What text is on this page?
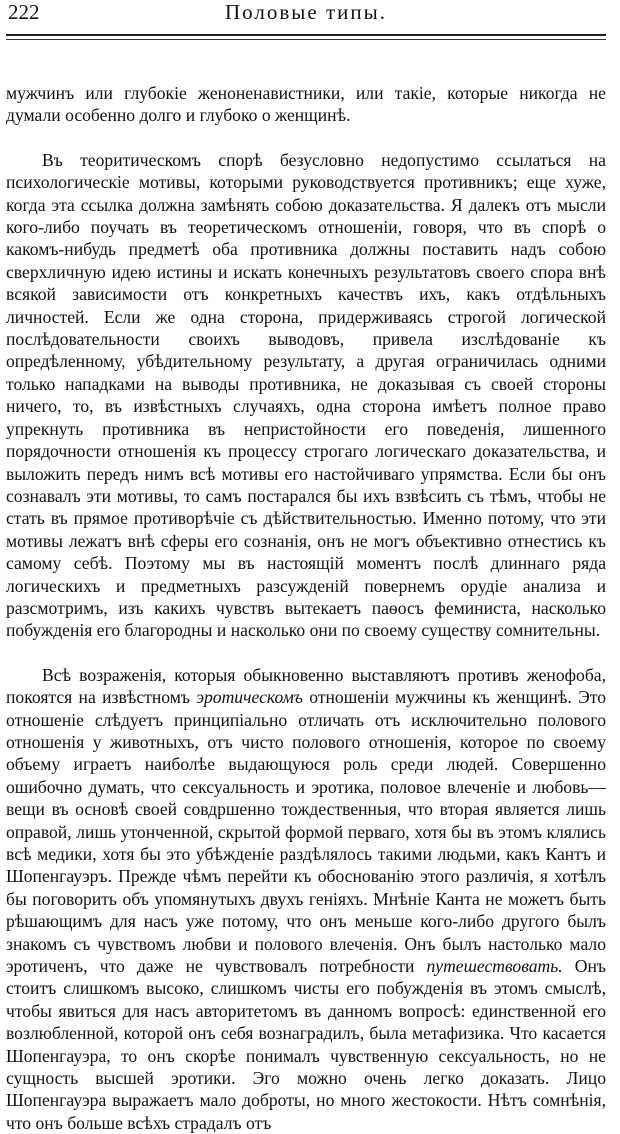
222	Половые типы.

мужчинъ или глубокіе женоненавистники, или такіе, которые никогда не думали особенно долго и глубоко о женщинѣ.

Въ теоритическомъ спорѣ безусловно недопустимо ссылаться на психологическіе мотивы, которыми руководствуется противникъ; еще хуже, когда эта ссылка должна замѣнять собою доказательства. Я далекъ отъ мысли кого-либо поучать въ теоретическомъ отношеніи, говоря, что въ спорѣ о какомъ-нибудь предметѣ оба противника должны поставить надъ собою сверхличную идею истины и искать конечныхъ результатовъ своего спора внѣ всякой зависимости отъ конкретныхъ качествъ ихъ, какъ отдѣльныхъ личностей. Если же одна сторона, придерживаясь строгой логической послѣдовательности своихъ выводовъ, привела изслѣдованіе къ опредѣленному, убѣдительному результату, а другая ограничилась одними только нападками на выводы противника, не доказывая съ своей стороны ничего, то, въ извѣстныхъ случаяхъ, одна сторона имѣетъ полное право упрекнуть противника въ непристойности его поведенія, лишенного порядочности отношенія къ процессу строгаго логическаго доказательства, и выложить передъ нимъ всѣ мотивы его настойчиваго упрямства. Если бы онъ сознавалъ эти мотивы, то самъ постарался бы ихъ взвѣсить съ тѣмъ, чтобы не стать въ прямое противорѣчіе съ дѣйствительностью. Именно потому, что эти мотивы лежатъ внѣ сферы его сознанія, онъ не могъ объективно отнестись къ самому себѣ. Поэтому мы въ настоящій моментъ послѣ длиннаго ряда логическихъ и предметныхъ разсужденій повернемъ орудіе анализа и разсмотримъ, изъ какихъ чувствъ вытекаетъ паѳосъ феминиста, насколько побужденія его благородны и насколько они по своему существу сомнительны.

Всѣ возраженія, которыя обыкновенно выставляютъ противъ женофоба, покоятся на извѣстномъ эротическомъ отношеніи мужчины къ женщинѣ. Это отношеніе слѣдуетъ принципіально отличать отъ исключительно полового отношенія у животныхъ, отъ чисто полового отношенія, которое по своему объему играетъ наиболѣе выдающуюся роль среди людей. Совершенно ошибочно думать, что сексуальность и эротика, половое влеченіе и любовь— вещи въ основѣ своей совдршенно тождественныя, что вторая является лишь оправой, лишь утонченной, скрытой формой перваго, хотя бы въ этомъ клялись всѣ медики, хотя бы это убѣжденіе раздѣлялось такими людьми, какъ Кантъ и Шопенгауэръ. Прежде чѣмъ перейти къ обоснованію этого различія, я хотѣлъ бы поговорить объ упомянутыхъ двухъ геніяхъ. Мнѣніе Канта не можетъ быть рѣшающимъ для насъ уже потому, что онъ меньше кого-либо другого былъ знакомъ съ чувствомъ любви и полового влеченія. Онъ былъ настолько мало эротиченъ, что даже не чувствовалъ потребности путешествовать. Онъ стоитъ слишкомъ высоко, слишкомъ чисты его побужденія въ этомъ смыслѣ, чтобы явиться для насъ авторитетомъ въ данномъ вопросѣ: единственной его возлюбленной, которой онъ себя вознаградилъ, была метафизика. Что касается Шопенгауэра, то онъ скорѣе понималъ чувственную сексуальность, но не сущность высшей эротики. Эго можно очень легко доказать. Лицо Шопенгауэра выражаетъ мало доброты, но много жестокости. Нѣтъ сомнѣнія, что онъ больше всѣхъ страдалъ отъ
